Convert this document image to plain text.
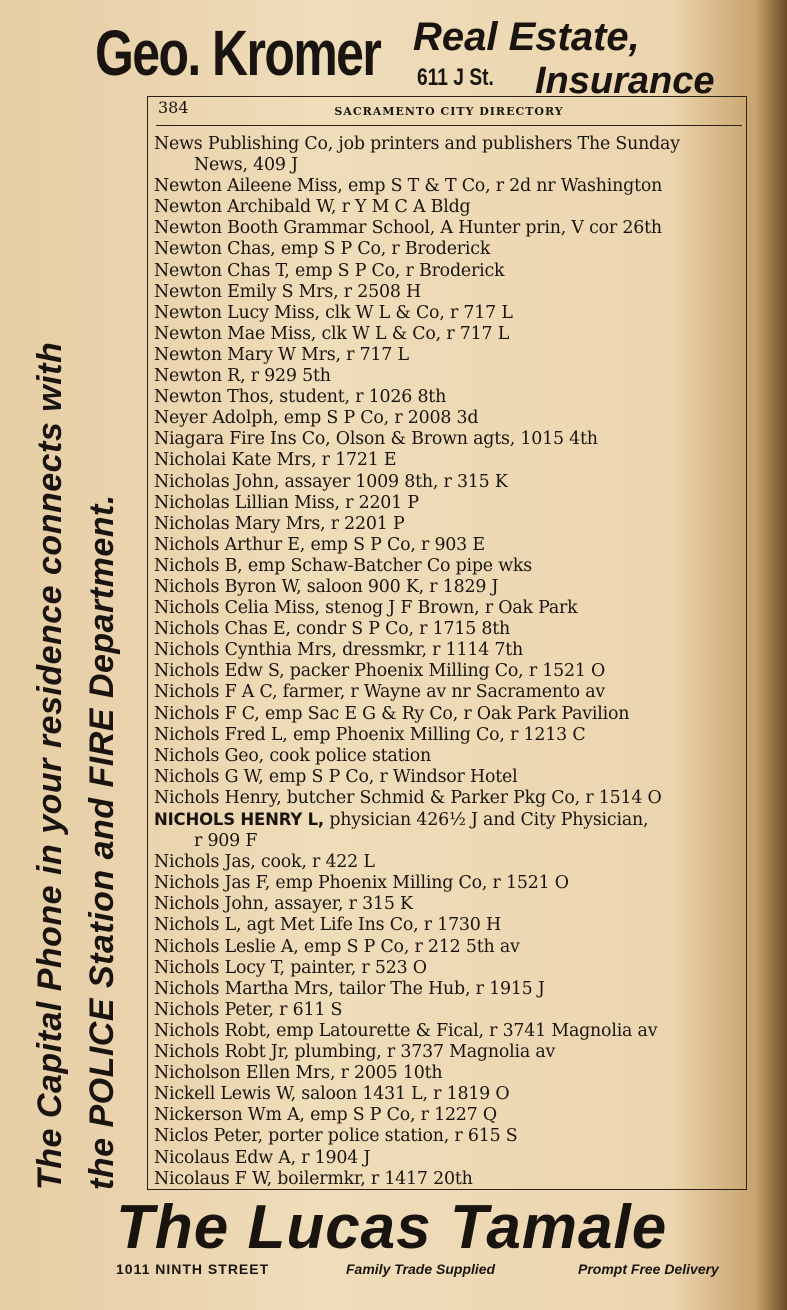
Geo. Kromer 611 J St.
Real Estate,
Insurance
The Capital Phone in your residence connects with the POLICE Station and FIRE Department.
384	SACRAMENTO CITY DIRECTORY
News Publishing Co, job printers and publishers The Sunday
News, 409 J
Newton Aileene Miss, emp S T & T Co, r 2d nr Washington
Newton Archibald W, r Y M C A Bldg
Newton Booth Grammar School, A Hunter prin, V cor 26th
Newton Chas, emp S P Co, r Broderick
Newton Chas T, emp S P Co, r Broderick
Newton Emily S Mrs, r 2508 H
Newton Lucy Miss, clk W L & Co, r 717 L
Newton Mae Miss, clk W L & Co, r 717 L
Newton Mary W Mrs, r 717 L
Newton R, r 929 5th
Newton Thos, student, r 1026 8th
Neyer Adolph, emp S P Co, r 2008 3d
Niagara Fire Ins Co, Olson & Brown agts, 1015 4th
Nicholai Kate Mrs, r 1721 E
Nicholas John, assayer 1009 8th, r 315 K
Nicholas Lillian Miss, r 2201 P
Nicholas Mary Mrs, r 2201 P
Nichols Arthur E, emp S P Co, r 903 E
Nichols B, emp Schaw-Batcher Co pipe wks
Nichols Byron W, saloon 900 K, r 1829 J
Nichols Celia Miss, stenog J F Brown, r Oak Park
Nichols Chas E, condr S P Co, r 1715 8th
Nichols Cynthia Mrs, dressmkr, r 1114 7th
Nichols Edw S, packer Phoenix Milling Co, r 1521 O
Nichols F A C, farmer, r Wayne av nr Sacramento av
Nichols F C, emp Sac E G & Ry Co, r Oak Park Pavilion
Nichols Fred L, emp Phoenix Milling Co, r 1213 C
Nichols Geo, cook police station
Nichols G W, emp S P Co, r Windsor Hotel
Nichols Henry, butcher Schmid & Parker Pkg Co, r 1514 O
NICHOLS HENRY L, physician 426½ J and City Physician,
r 909 F
Nichols Jas, cook, r 422 L
Nichols Jas F, emp Phoenix Milling Co, r 1521 O
Nichols John, assayer, r 315 K
Nichols L, agt Met Life Ins Co, r 1730 H
Nichols Leslie A, emp S P Co, r 212 5th av
Nichols Locy T, painter, r 523 O
Nichols Martha Mrs, tailor The Hub, r 1915 J
Nichols Peter, r 611 S
Nichols Robt, emp Latourette & Fical, r 3741 Magnolia av
Nichols Robt Jr, plumbing, r 3737 Magnolia av
Nicholson Ellen Mrs, r 2005 10th
Nickell Lewis W, saloon 1431 L, r 1819 O
Nickerson Wm A, emp S P Co, r 1227 Q
Niclos Peter, porter police station, r 615 S
Nicolaus Edw A, r 1904 J
Nicolaus F W, boilermkr, r 1417 20th
The Lucas Tamale
1011 NINTH STREET	Family Trade Supplied	Prompt Free Delivery
